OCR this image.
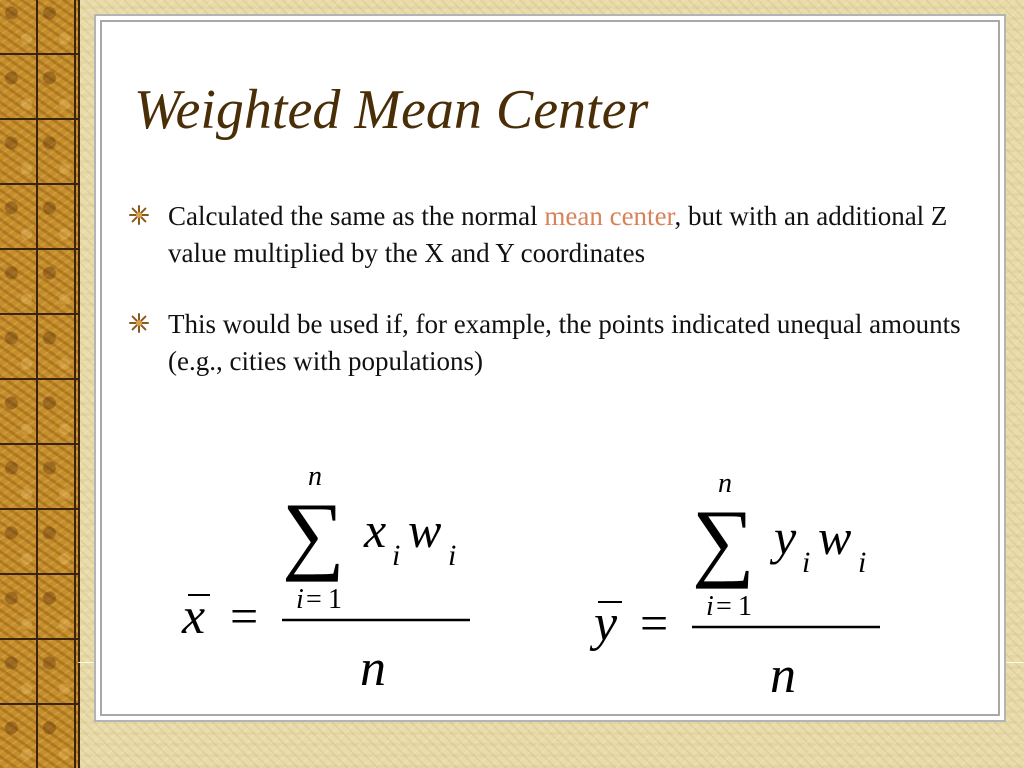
Weighted Mean Center
Calculated the same as the normal mean center, but with an additional Z value multiplied by the X and Y coordinates
This would be used if, for example, the points indicated unequal amounts (e.g., cities with populations)
x =
n
∑ x i w i
i = 1
n
y =
n
∑ y i w i
i = 1
n
